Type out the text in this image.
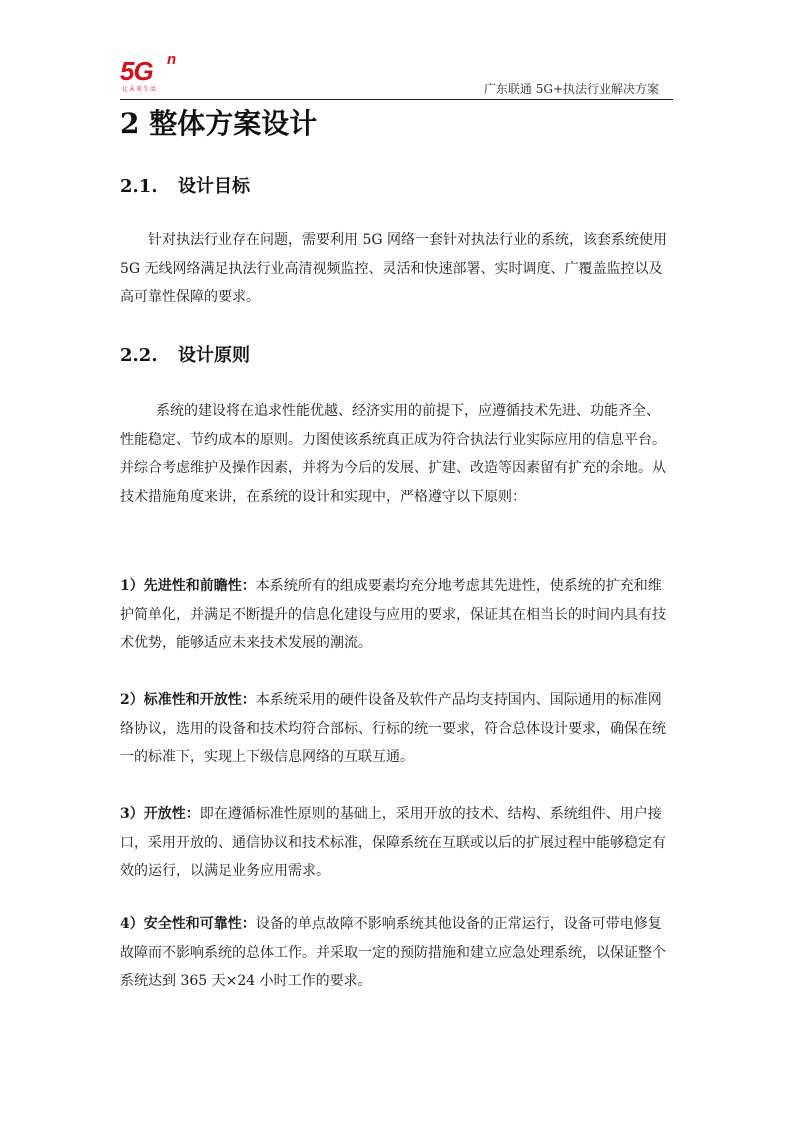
5G n
让未来生活	广东联通 5G+执法行业解决方案
2 整体方案设计
2.1. 设计目标
针对执法行业存在问题，需要利用 5G 网络一套针对执法行业的系统，该套系统使用 5G 无线网络满足执法行业高清视频监控、灵活和快速部署、实时调度、广覆盖监控以及高可靠性保障的要求。
2.2. 设计原则
系统的建设将在追求性能优越、经济实用的前提下，应遵循技术先进、功能齐全、性能稳定、节约成本的原则。力图使该系统真正成为符合执法行业实际应用的信息平台。并综合考虑维护及操作因素，并将为今后的发展、扩建、改造等因素留有扩充的余地。从技术措施角度来讲，在系统的设计和实现中，严格遵守以下原则：
1）先进性和前瞻性：本系统所有的组成要素均充分地考虑其先进性，使系统的扩充和维护简单化，并满足不断提升的信息化建设与应用的要求，保证其在相当长的时间内具有技术优势，能够适应未来技术发展的潮流。
2）标准性和开放性：本系统采用的硬件设备及软件产品均支持国内、国际通用的标准网络协议，选用的设备和技术均符合部标、行标的统一要求，符合总体设计要求，确保在统一的标准下，实现上下级信息网络的互联互通。
3）开放性：即在遵循标准性原则的基础上，采用开放的技术、结构、系统组件、用户接口，采用开放的、通信协议和技术标准，保障系统在互联或以后的扩展过程中能够稳定有效的运行，以满足业务应用需求。
4）安全性和可靠性：设备的单点故障不影响系统其他设备的正常运行，设备可带电修复故障而不影响系统的总体工作。并采取一定的预防措施和建立应急处理系统，以保证整个系统达到 365 天×24 小时工作的要求。
